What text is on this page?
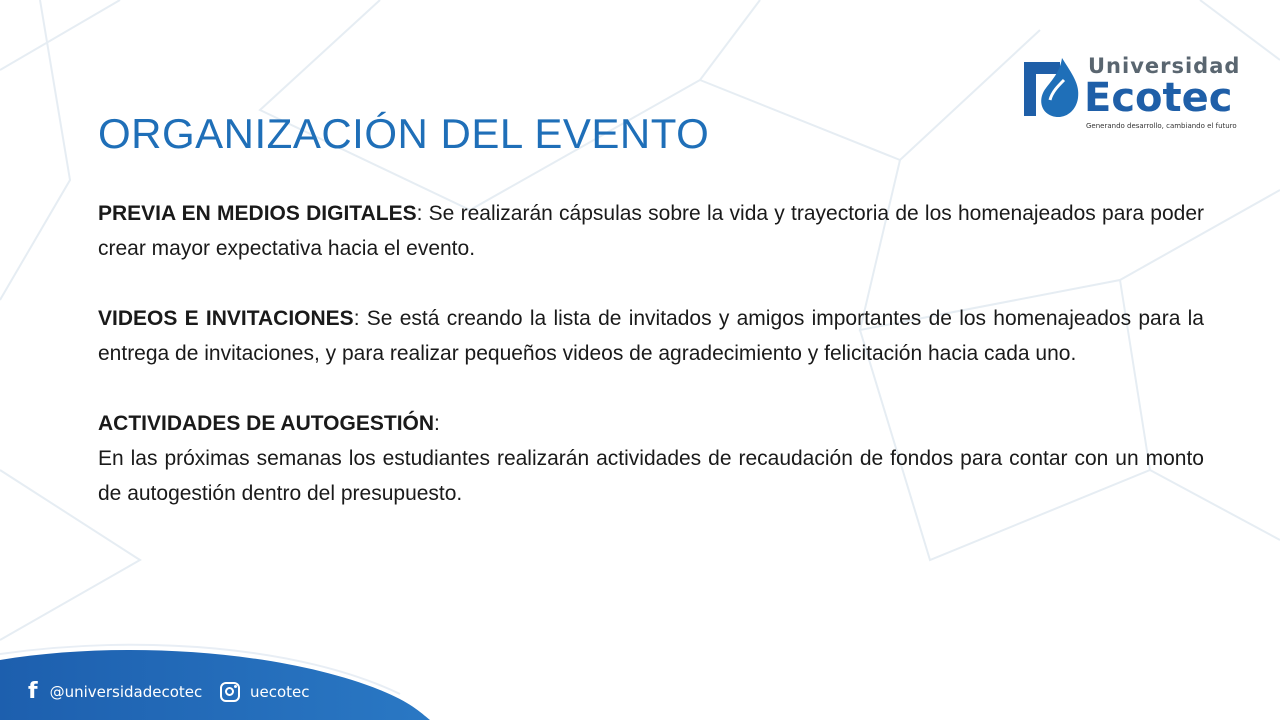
Universidad
Ecotec
Generando desarrollo, cambiando el futuro
ORGANIZACIÓN DEL EVENTO

PREVIA EN MEDIOS DIGITALES: Se realizarán cápsulas sobre la vida y trayectoria de los homenajeados para poder crear mayor expectativa hacia el evento.

VIDEOS E INVITACIONES: Se está creando la lista de invitados y amigos importantes de los homenajeados para la entrega de invitaciones, y para realizar pequeños videos de agradecimiento y felicitación hacia cada uno.

ACTIVIDADES DE AUTOGESTIÓN:

En las próximas semanas los estudiantes realizarán actividades de recaudación de fondos para contar con un monto de autogestión dentro del presupuesto.

f @universidadecotec	uecotec
